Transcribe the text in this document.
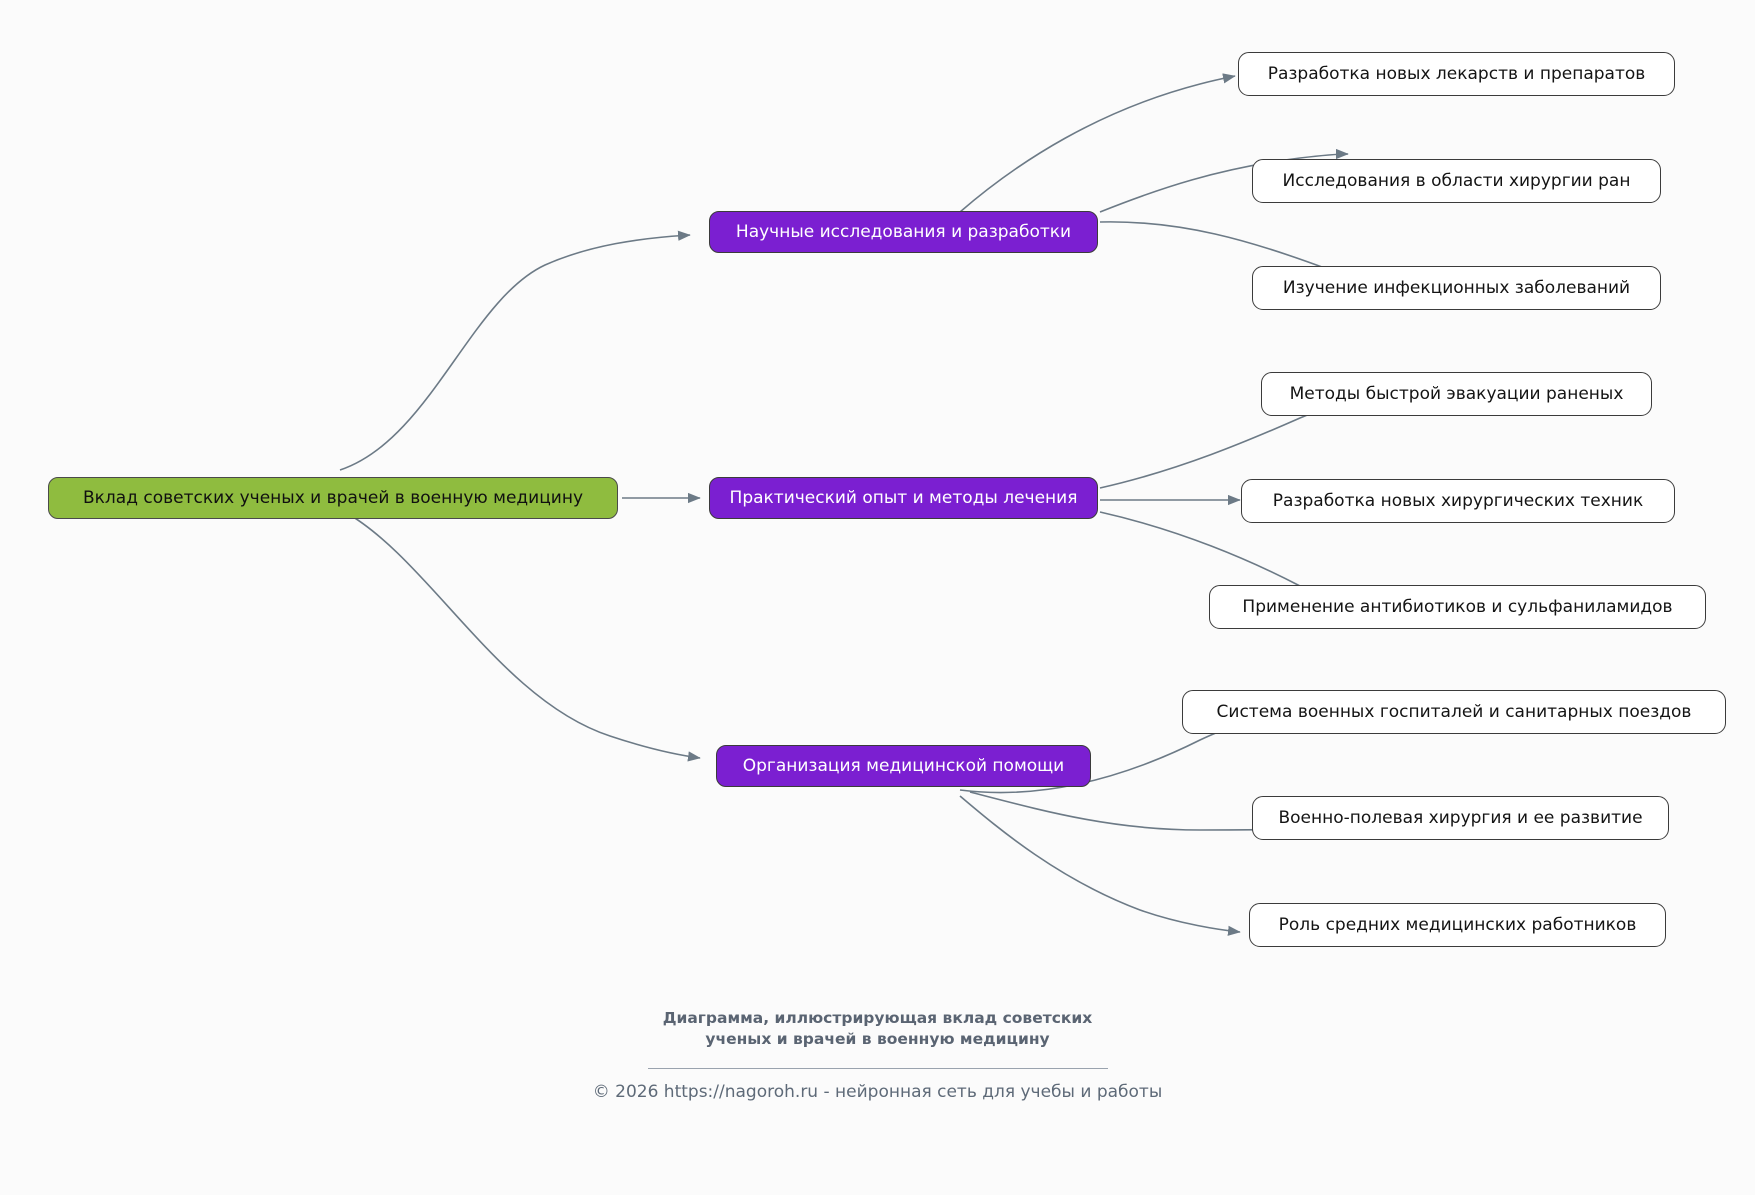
Вклад советских ученых и врачей в военную медицину
Научные исследования и разработки
Практический опыт и методы лечения
Организация медицинской помощи
Разработка новых лекарств и препаратов
Исследования в области хирургии ран
Изучение инфекционных заболеваний
Методы быстрой эвакуации раненых
Разработка новых хирургических техник
Применение антибиотиков и сульфаниламидов
Система военных госпиталей и санитарных поездов
Военно-полевая хирургия и ее развитие
Роль средних медицинских работников
Диаграмма, иллюстрирующая вклад советских
ученых и врачей в военную медицину
© 2026 https://nagoroh.ru - нейронная сеть для учебы и работы
